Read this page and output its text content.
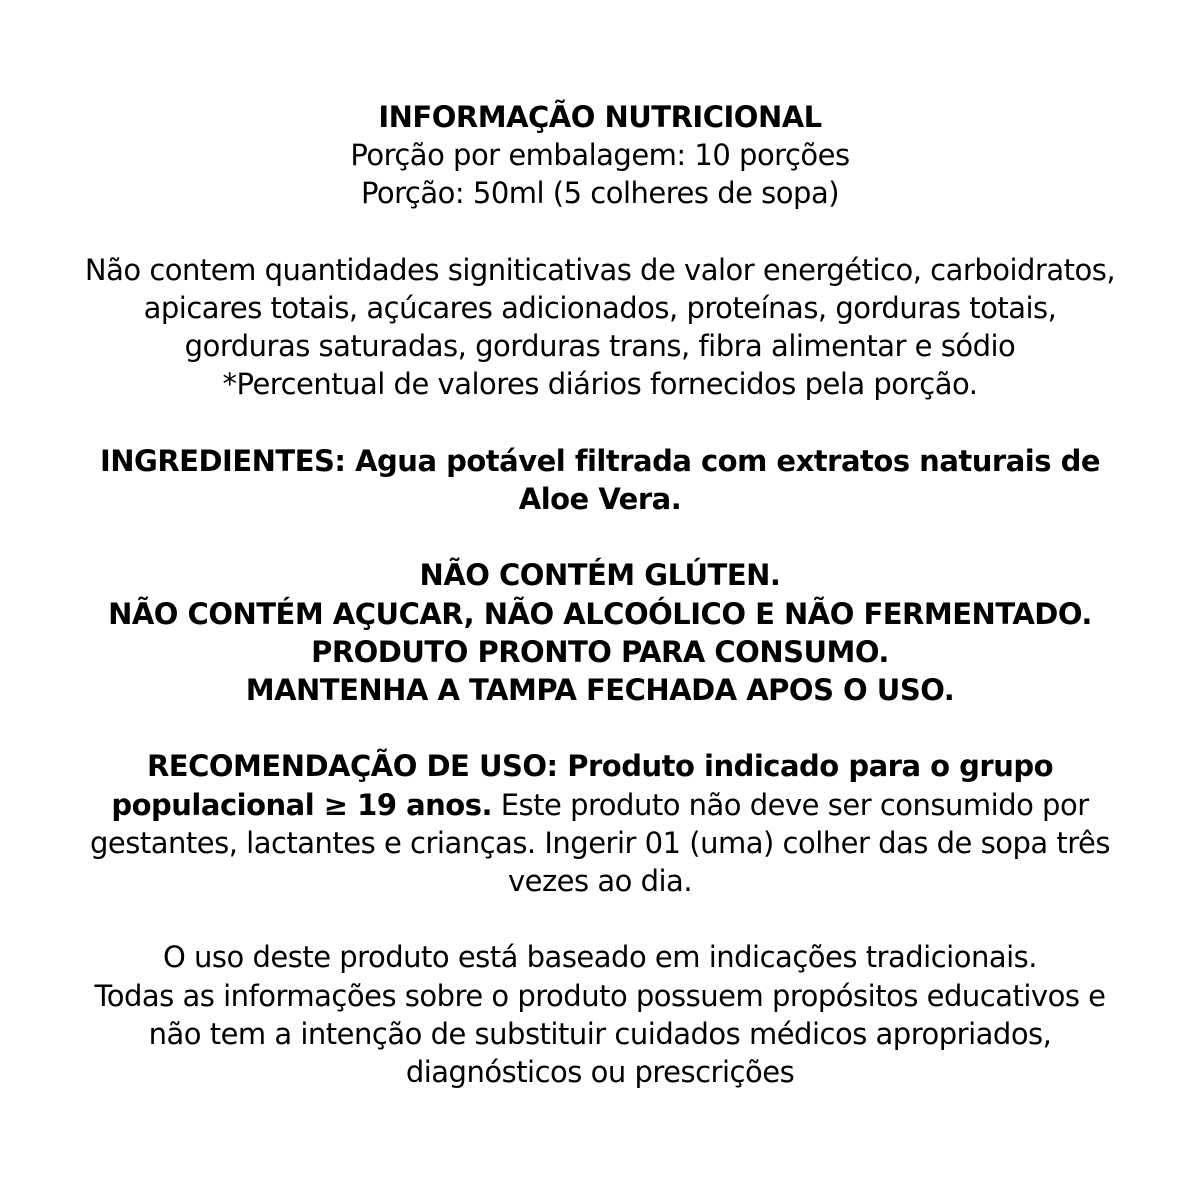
INFORMAÇÃO NUTRICIONAL
Porção por embalagem: 10 porções
Porção: 50ml (5 colheres de sopa)
Não contem quantidades signiticativas de valor energético, carboidratos,
apicares totais, açúcares adicionados, proteínas, gorduras totais,
gorduras saturadas, gorduras trans, fibra alimentar e sódio
*Percentual de valores diários fornecidos pela porção.
INGREDIENTES: Agua potável filtrada com extratos naturais de
Aloe Vera.
NÃO CONTÉM GLÚTEN.
NÃO CONTÉM AÇUCAR, NÃO ALCOÓLICO E NÃO FERMENTADO.
PRODUTO PRONTO PARA CONSUMO.
MANTENHA A TAMPA FECHADA APOS O USO.
RECOMENDAÇÃO DE USO: Produto indicado para o grupo
populacional ≥ 19 anos. Este produto não deve ser consumido por
gestantes, lactantes e crianças. Ingerir 01 (uma) colher das de sopa três
vezes ao dia.
O uso deste produto está baseado em indicações tradicionais.
Todas as informações sobre o produto possuem propósitos educativos e
não tem a intenção de substituir cuidados médicos apropriados,
diagnósticos ou prescrições
